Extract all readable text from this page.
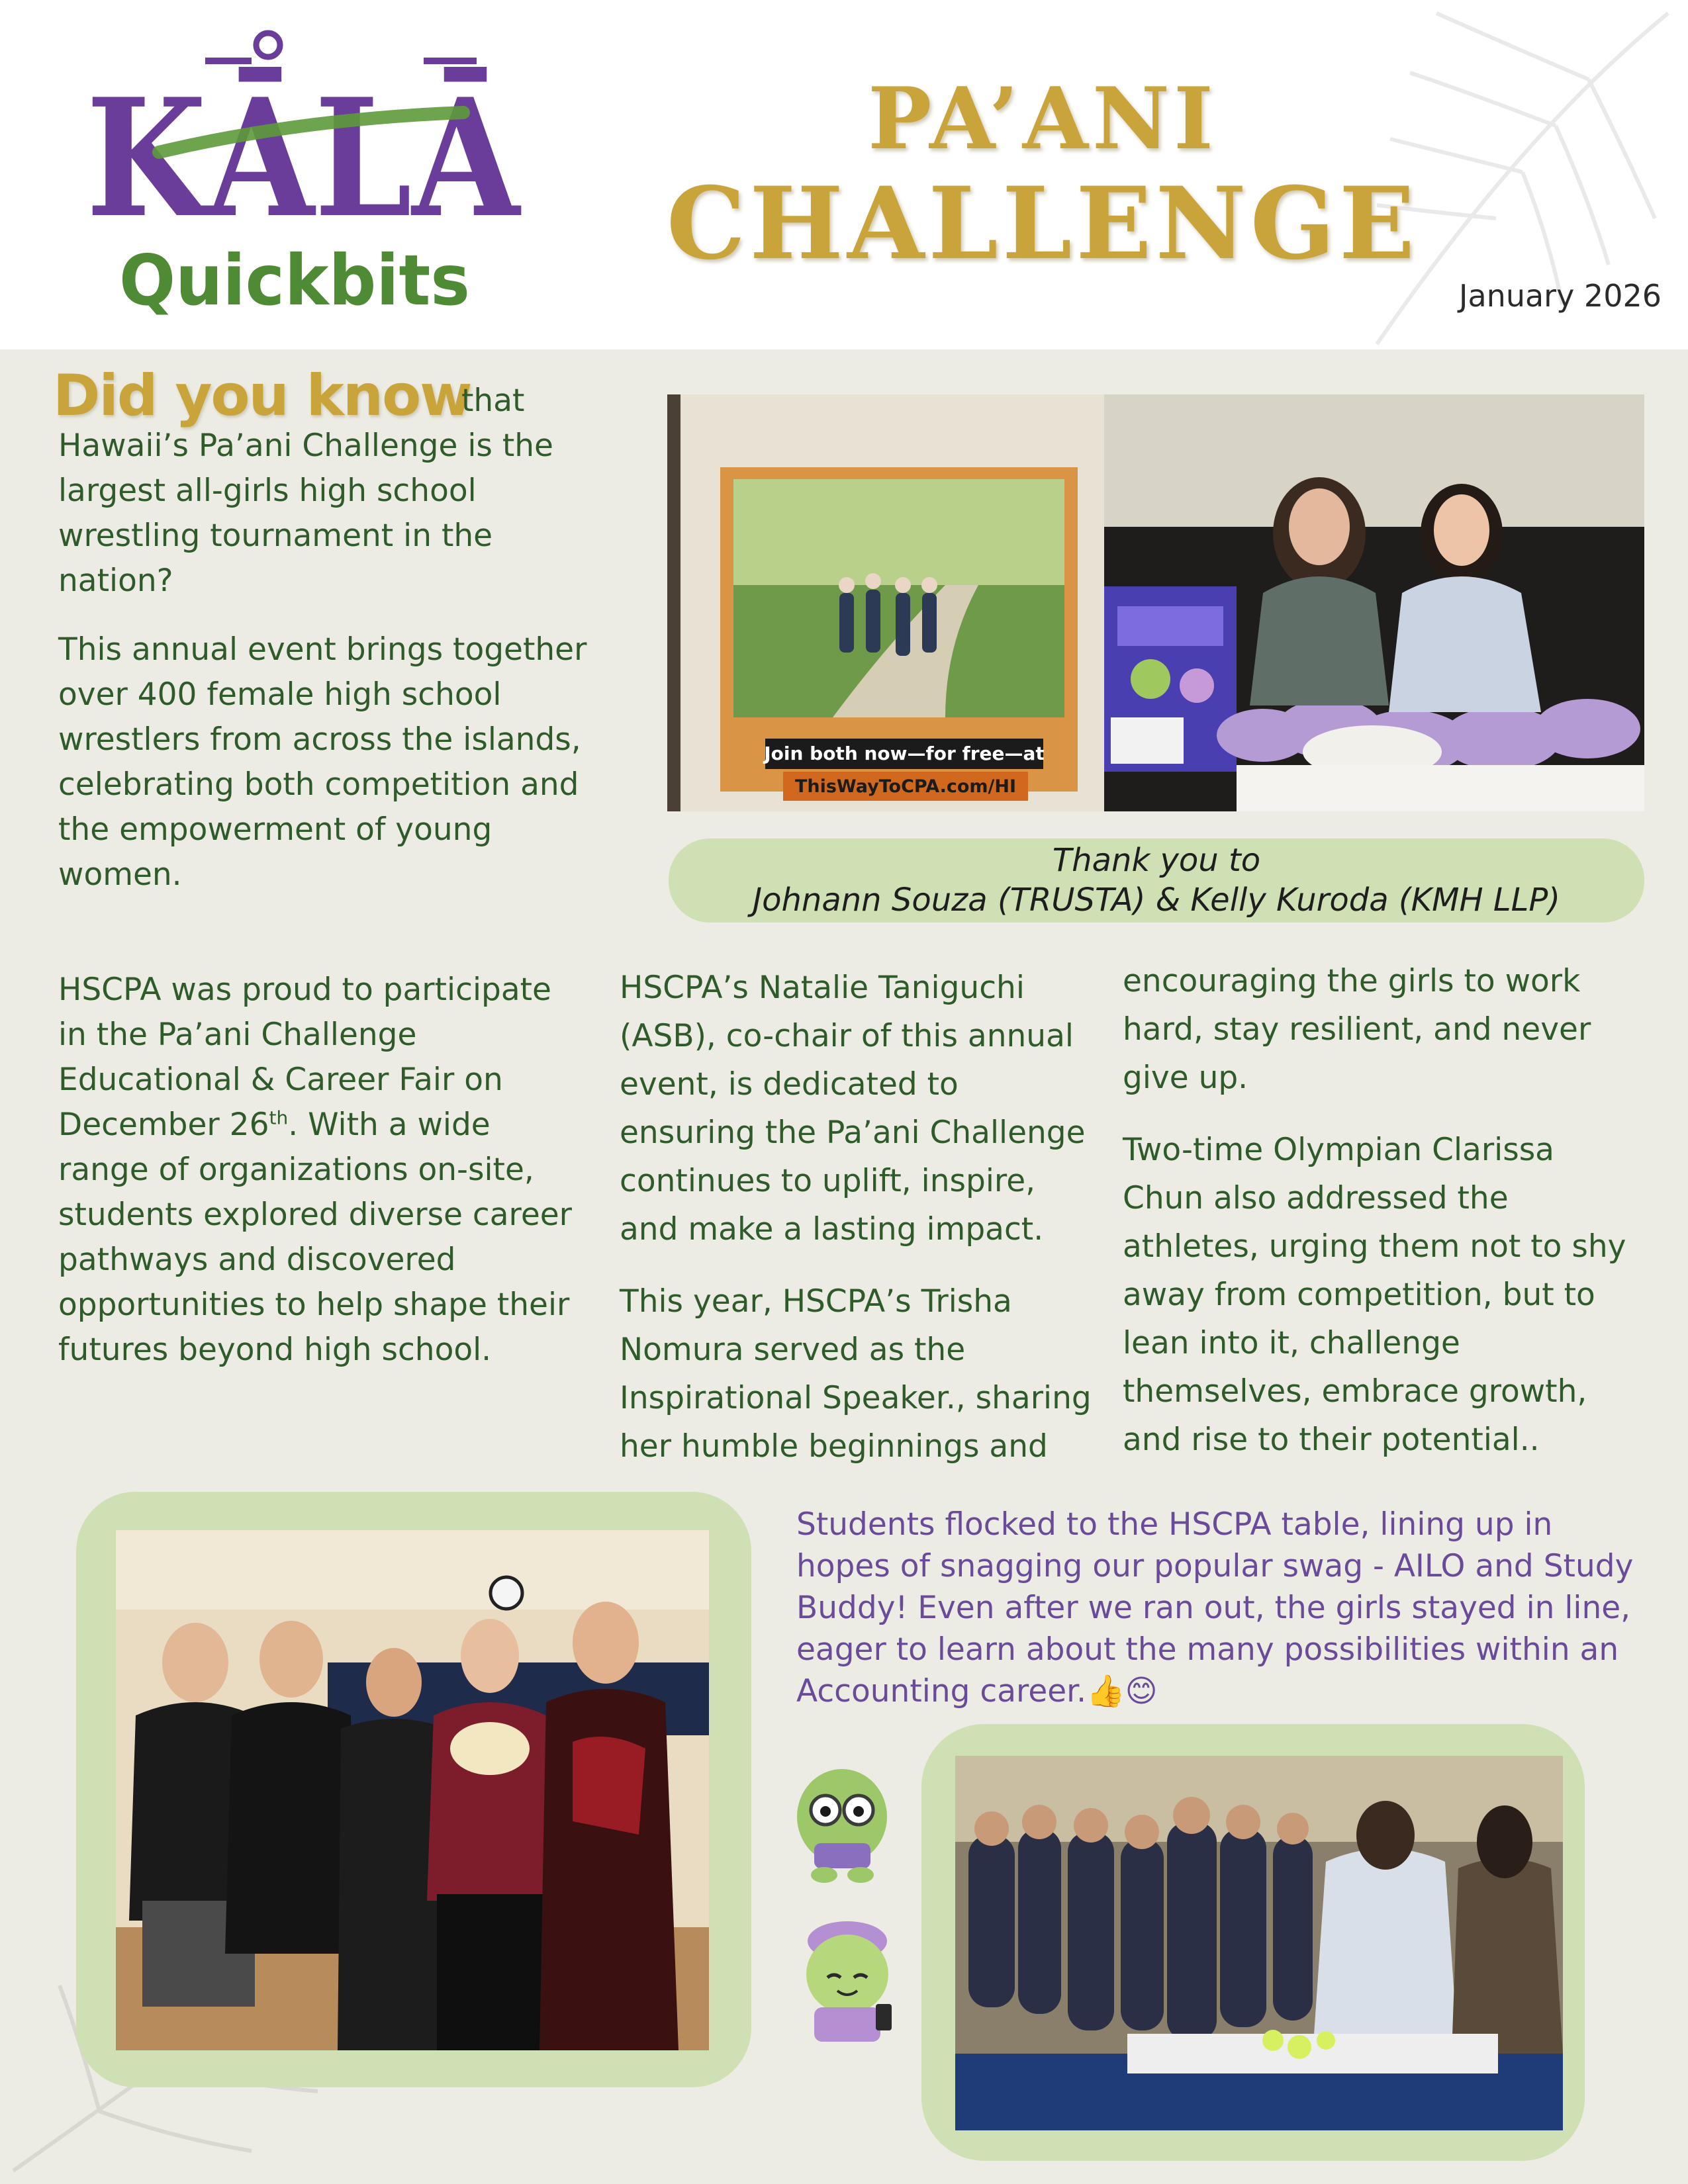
KĀLĀ
Quickbits
PA’ANI
CHALLENGE
January 2026
Did you know
that

Hawaii’s Pa’ani Challenge is the largest all-girls high school wrestling tournament in the nation?

This annual event brings together over 400 female high school wrestlers from across the islands, celebrating both competition and the empowerment of young women.

Join both now—for free—at
ThisWayToCPA.com/HI
Thank you to
Johnann Souza (TRUSTA) & Kelly Kuroda (KMH LLP)

HSCPA was proud to participate in the Pa’ani Challenge Educational & Career Fair on December 26th. With a wide range of organizations on-site, students explored diverse career pathways and discovered opportunities to help shape their futures beyond high school.

HSCPA’s Natalie Taniguchi (ASB), co-chair of this annual event, is dedicated to ensuring the Pa’ani Challenge continues to uplift, inspire, and make a lasting impact.

This year, HSCPA’s Trisha Nomura served as the Inspirational Speaker., sharing her humble beginnings and

encouraging the girls to work hard, stay resilient, and never give up.

Two-time Olympian Clarissa Chun also addressed the athletes, urging them not to shy away from competition, but to lean into it, challenge themselves, embrace growth, and rise to their potential..

Students flocked to the HSCPA table, lining up in hopes of snagging our popular swag - AILO and Study Buddy! Even after we ran out, the girls stayed in line, eager to learn about the many possibilities within an Accounting career.👍😊
